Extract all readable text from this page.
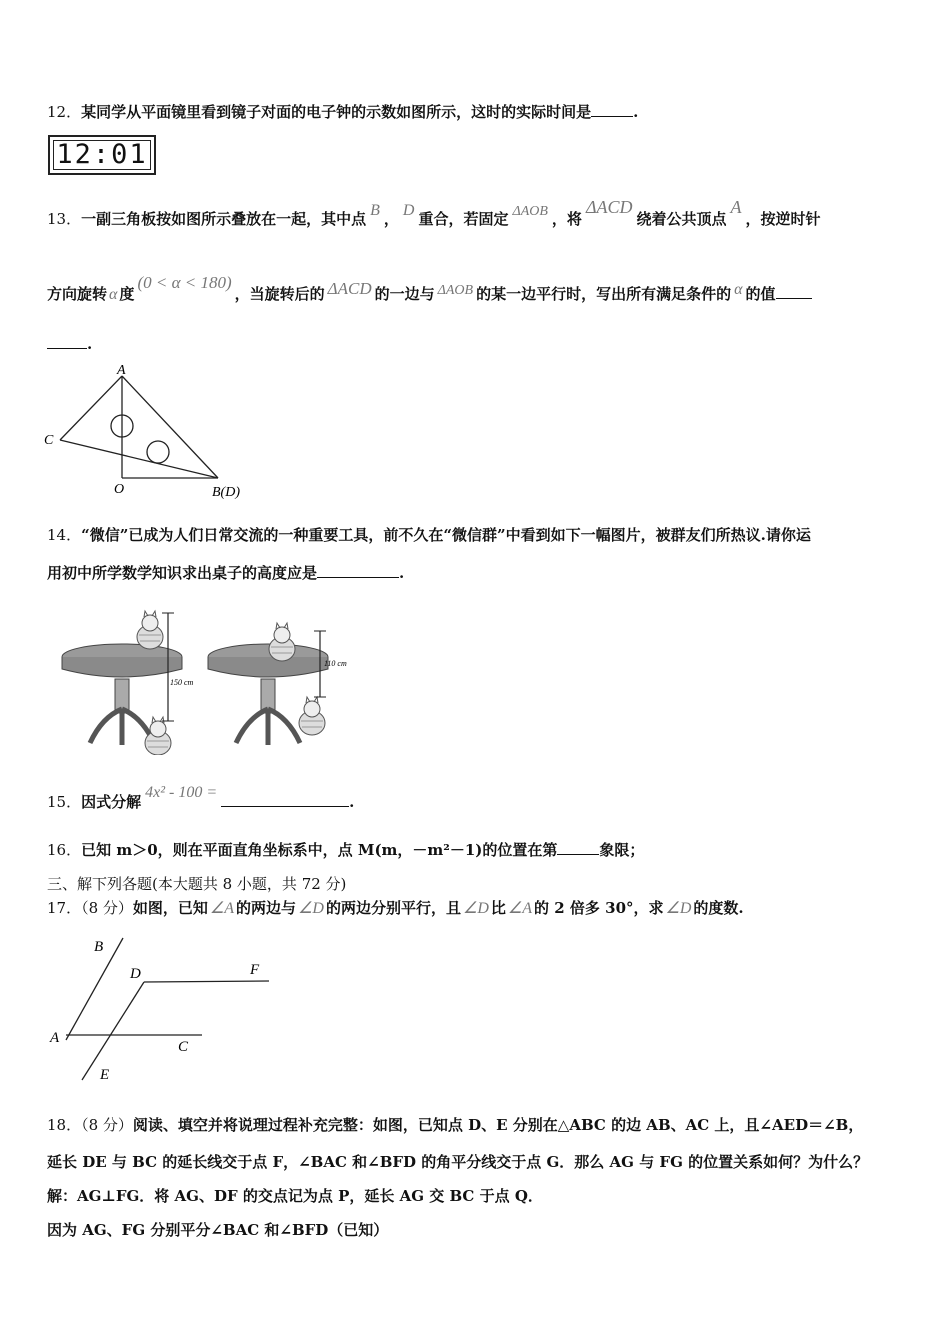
12．某同学从平面镜里看到镜子对面的电子钟的示数如图所示，这时的实际时间是	.
12:01
13．一副三角板按如图所示叠放在一起，其中点 B ， D 重合，若固定 ΔAOB ，将ΔACD绕着公共顶点A，按逆时针
方向旋转 α 度(0 < α < 180)，当旋转后的 ΔACD 的一边与 ΔAOB 的某一边平行时，写出所有满足条件的 α 的值
.
A
C
O	B(D)
14．“微信”已成为人们日常交流的一种重要工具，前不久在“微信群”中看到如下一幅图片，被群友们所热议.请你运
用初中所学数学知识求出桌子的高度应是	.
150 cm
110 cm
15．因式分解4x² - 100 =.
16．已知 m＞0，则在平面直角坐标系中，点 M(m，－m²－1)的位置在第	象限；
三、解下列各题(本大题共 8 小题，共 72 分)
17．（8 分）如图，已知 ∠A 的两边与 ∠D 的两边分别平行，且 ∠D 比 ∠A 的 2 倍多 30°，求 ∠D 的度数.
B
D	F
A
C
E
18．（8 分）阅读、填空并将说理过程补充完整：如图，已知点 D、E 分别在△ABC 的边 AB、AC 上，且∠AED＝∠B，
延长 DE 与 BC 的延长线交于点 F，∠BAC 和∠BFD 的角平分线交于点 G．那么 AG 与 FG 的位置关系如何？为什么？
解：AG⊥FG．将 AG、DF 的交点记为点 P，延长 AG 交 BC 于点 Q．
因为 AG、FG 分别平分∠BAC 和∠BFD（已知）
